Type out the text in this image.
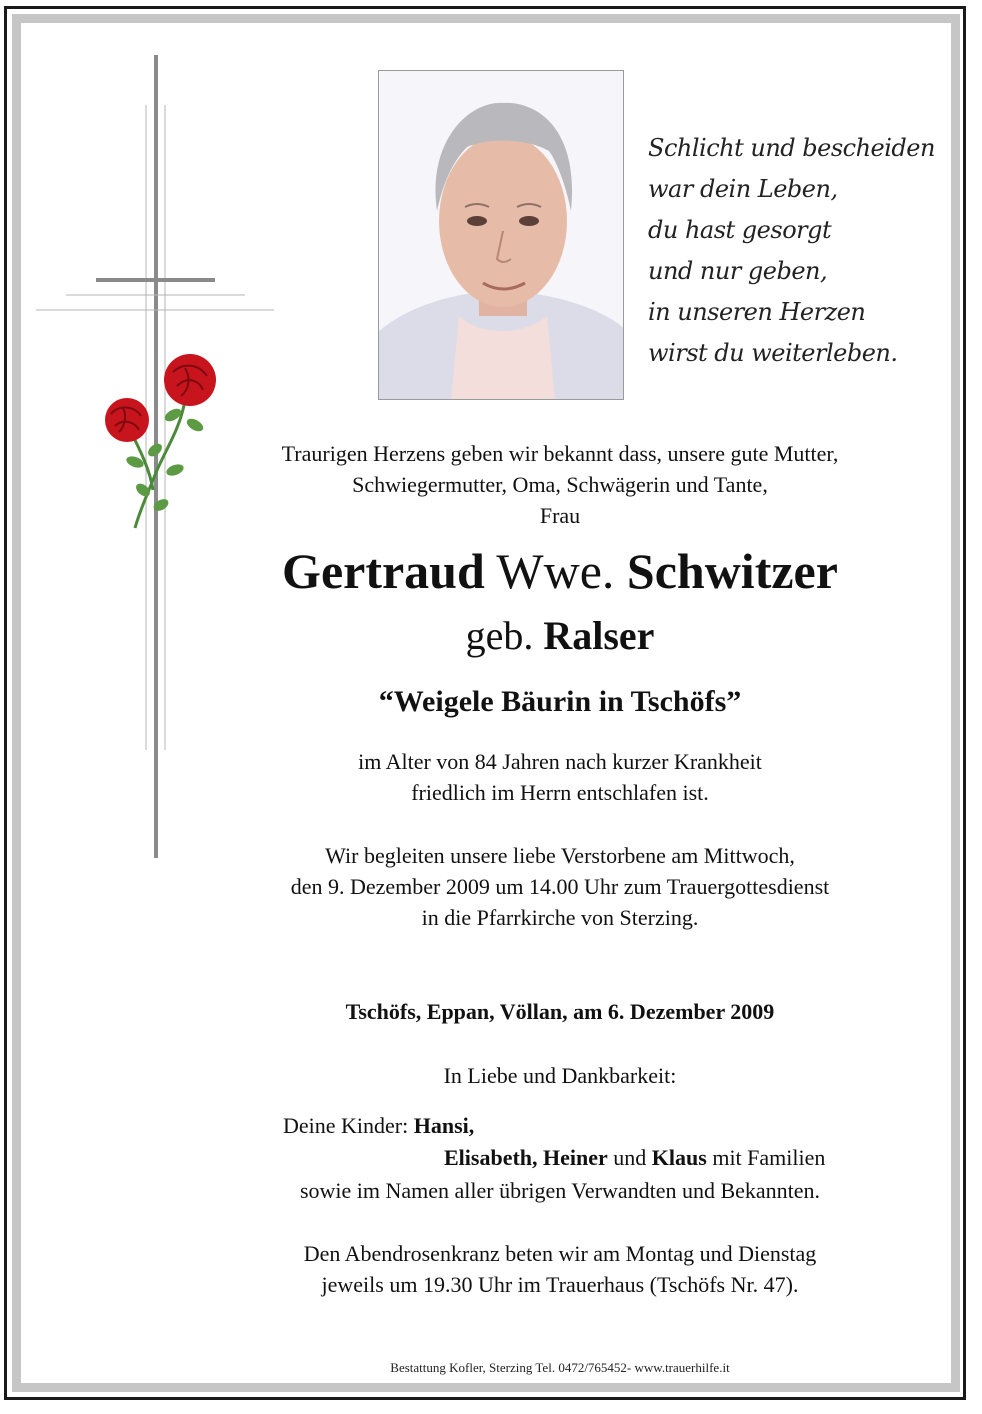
Schlicht und bescheiden
war dein Leben,
du hast gesorgt
und nur geben,
in unseren Herzen
wirst du weiterleben.
Traurigen Herzens geben wir bekannt dass, unsere gute Mutter,
Schwiegermutter, Oma, Schwägerin und Tante,
Frau
Gertraud Wwe. Schwitzer
geb. Ralser
“Weigele Bäurin in Tschöfs”
im Alter von 84 Jahren nach kurzer Krankheit
friedlich im Herrn entschlafen ist.
Wir begleiten unsere liebe Verstorbene am Mittwoch,
den 9. Dezember 2009 um 14.00 Uhr zum Trauergottesdienst
in die Pfarrkirche von Sterzing.
Tschöfs, Eppan, Völlan, am 6. Dezember 2009
In Liebe und Dankbarkeit:
Deine Kinder: Hansi,
Elisabeth, Heiner und Klaus mit Familien
sowie im Namen aller übrigen Verwandten und Bekannten.
Den Abendrosenkranz beten wir am Montag und Dienstag
jeweils um 19.30 Uhr im Trauerhaus (Tschöfs Nr. 47).
Bestattung Kofler, Sterzing Tel. 0472/765452- www.trauerhilfe.it
